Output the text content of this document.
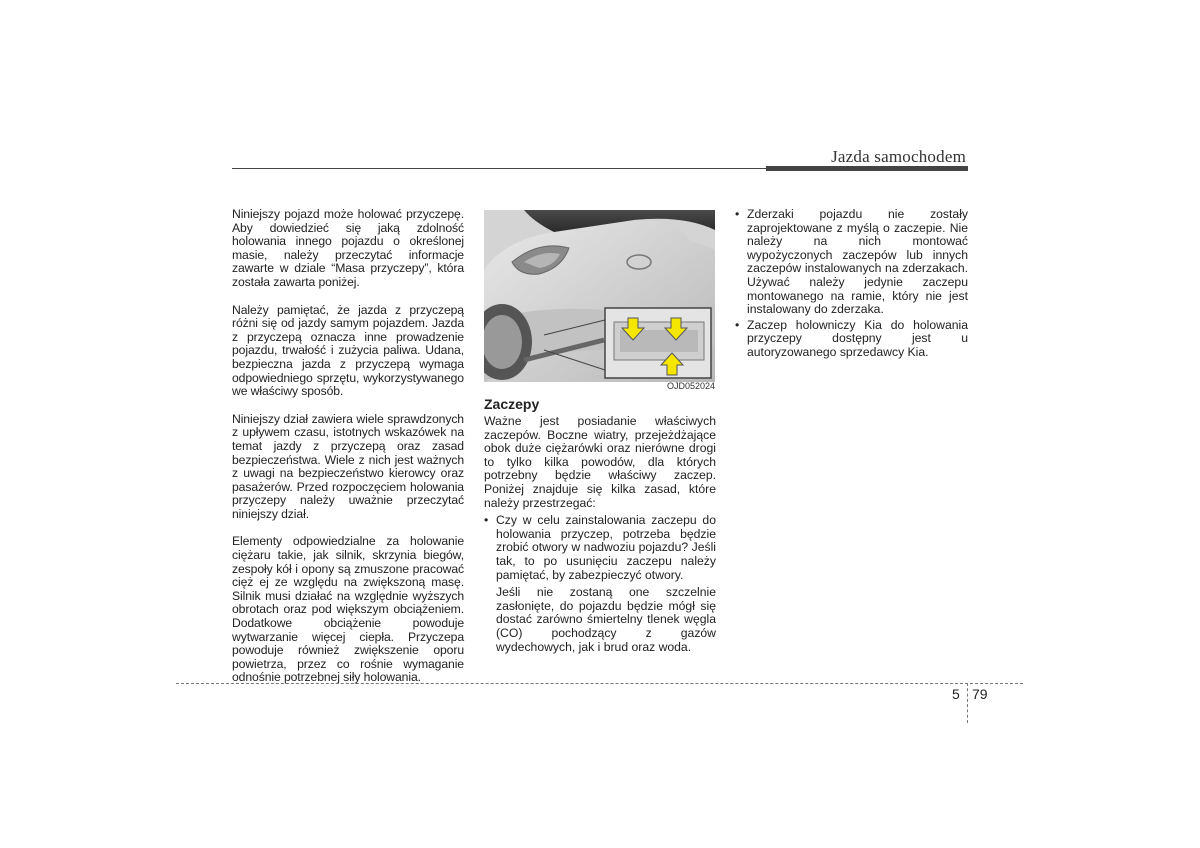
Jazda samochodem

Niniejszy pojazd może holować przyczepę. Aby dowiedzieć się jaką zdolność holowania innego pojazdu o określonej masie, należy przeczytać informacje zawarte w dziale “Masa przyczepy”, która została zawarta poniżej.

Należy pamiętać, że jazda z przyczepą różni się od jazdy samym pojazdem. Jazda z przyczepą oznacza inne prowadzenie pojazdu, trwałość i zużycia paliwa. Udana, bezpieczna jazda z przyczepą wymaga odpowiedniego sprzętu, wykorzystywanego we właściwy sposób.

Niniejszy dział zawiera wiele sprawdzonych z upływem czasu, istotnych wskazówek na temat jazdy z przyczepą oraz zasad bezpieczeństwa. Wiele z nich jest ważnych z uwagi na bezpieczeństwo kierowcy oraz pasażerów. Przed rozpoczęciem holowania przyczepy należy uważnie przeczytać niniejszy dział.

Elementy odpowiedzialne za holowanie ciężaru takie, jak silnik, skrzynia biegów, zespoły kół i opony są zmuszone pracować cięż ej ze względu na zwiększoną masę. Silnik musi działać na względnie wyższych obrotach oraz pod większym obciążeniem. Dodatkowe obciążenie powoduje wytwarzanie więcej ciepła. Przyczepa powoduje również zwiększenie oporu powietrza, przez co rośnie wymaganie odnośnie potrzebnej siły holowania.

OJD052024

Zaczepy

Ważne jest posiadanie właściwych zaczepów. Boczne wiatry, przejeżdżające obok duże ciężarówki oraz nierówne drogi to tylko kilka powodów, dla których potrzebny będzie właściwy zaczep. Poniżej znajduje się kilka zasad, które należy przestrzegać:

• Czy w celu zainstalowania zaczepu do holowania przyczep, potrzeba będzie zrobić otwory w nadwoziu pojazdu? Jeśli tak, to po usunięciu zaczepu należy pamiętać, by zabezpieczyć otwory.

Jeśli nie zostaną one szczelnie zasłonięte, do pojazdu będzie mógł się dostać zarówno śmiertelny tlenek węgla (CO) pochodzący z gazów wydechowych, jak i brud oraz woda.

• Zderzaki pojazdu nie zostały zaprojektowane z myślą o zaczepie. Nie należy na nich montować wypożyczonych zaczepów lub innych zaczepów instalowanych na zderzakach. Używać należy jedynie zaczepu montowanego na ramie, który nie jest instalowany do zderzaka.

• Zaczep holowniczy Kia do holowania przyczepy dostępny jest u autoryzowanego sprzedawcy Kia.

5 79
